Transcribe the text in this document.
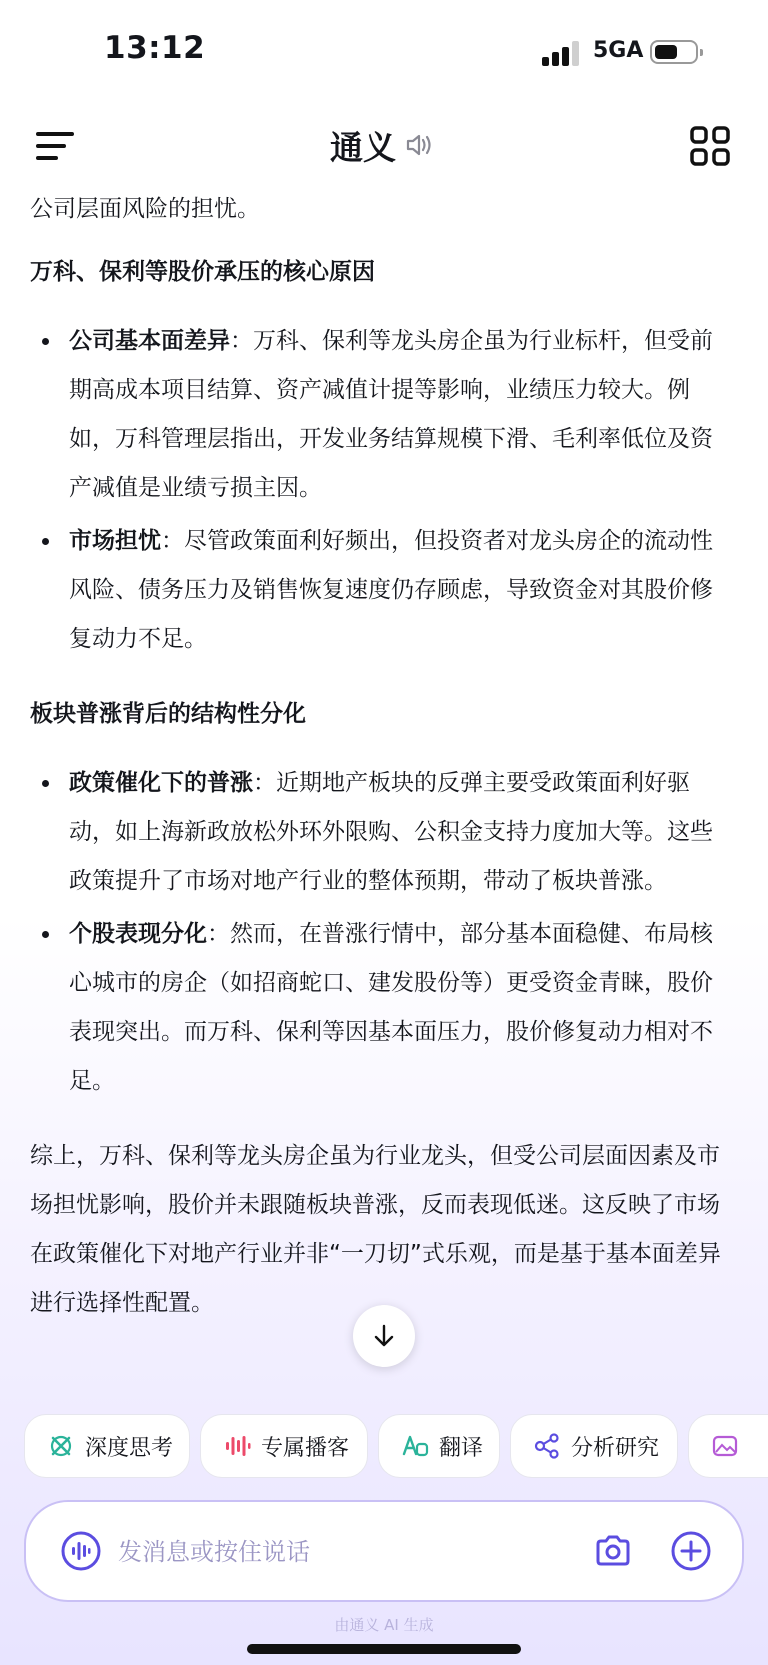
13:12	5GA
通义

公司层面风险的担忧。

万科、保利等股价承压的核心原因

公司基本面差异：万科、保利等龙头房企虽为行业标杆，但受前期高成本项目结算、资产减值计提等影响，业绩压力较大。例如，万科管理层指出，开发业务结算规模下滑、毛利率低位及资产减值是业绩亏损主因。

市场担忧：尽管政策面利好频出，但投资者对龙头房企的流动性风险、债务压力及销售恢复速度仍存顾虑，导致资金对其股价修复动力不足。

板块普涨背后的结构性分化

政策催化下的普涨：近期地产板块的反弹主要受政策面利好驱动，如上海新政放松外环外限购、公积金支持力度加大等。这些政策提升了市场对地产行业的整体预期，带动了板块普涨。

个股表现分化：然而，在普涨行情中，部分基本面稳健、布局核心城市的房企（如招商蛇口、建发股份等）更受资金青睐，股价表现突出。而万科、保利等因基本面压力，股价修复动力相对不足。

综上，万科、保利等龙头房企虽为行业龙头，但受公司层面因素及市场担忧影响，股价并未跟随板块普涨，反而表现低迷。这反映了市场在政策催化下对地产行业并非“一刀切”式乐观，而是基于基本面差异进行选择性配置。

深度思考	专属播客	翻译	分析研究
发消息或按住说话
由通义 AI 生成
